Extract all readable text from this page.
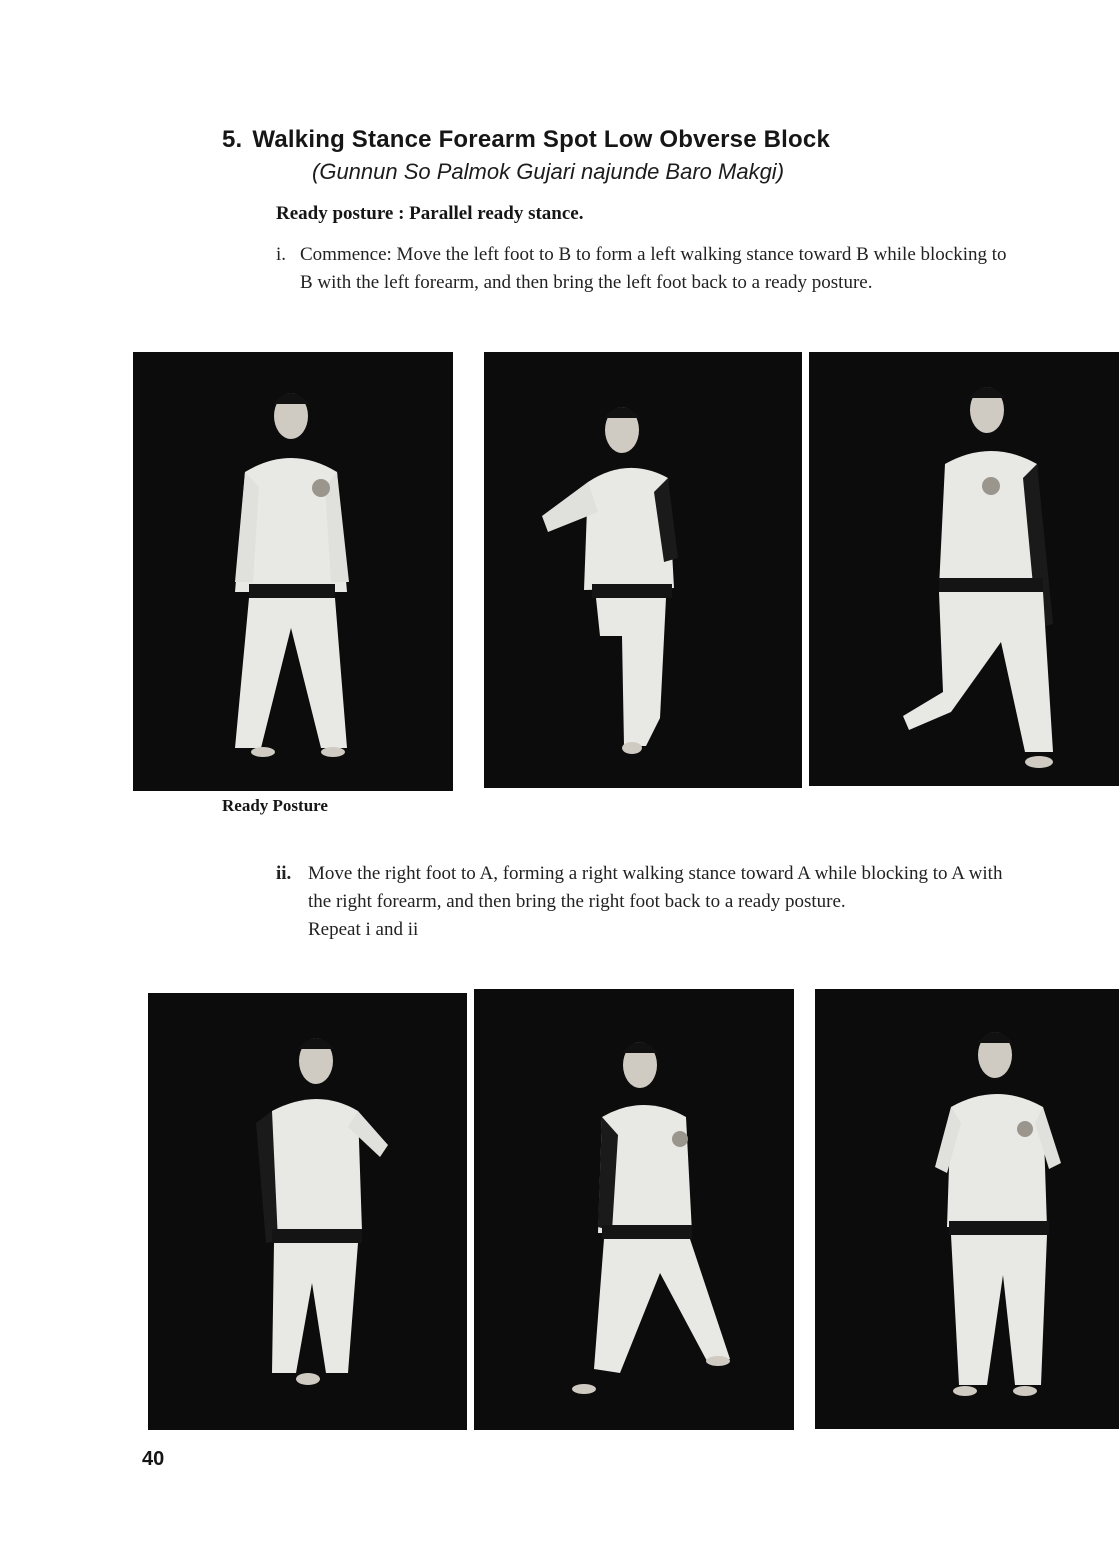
5. Walking Stance Forearm Spot Low Obverse Block
(Gunnun So Palmok Gujari najunde Baro Makgi)
Ready posture : Parallel ready stance.
i. Commence: Move the left foot to B to form a left walking stance toward B while blocking to B with the left forearm, and then bring the left foot back to a ready posture.
Ready Posture
ii. Move the right foot to A, forming a right walking stance toward A while blocking to A with the right forearm, and then bring the right foot back to a ready posture.
Repeat i and ii
40
